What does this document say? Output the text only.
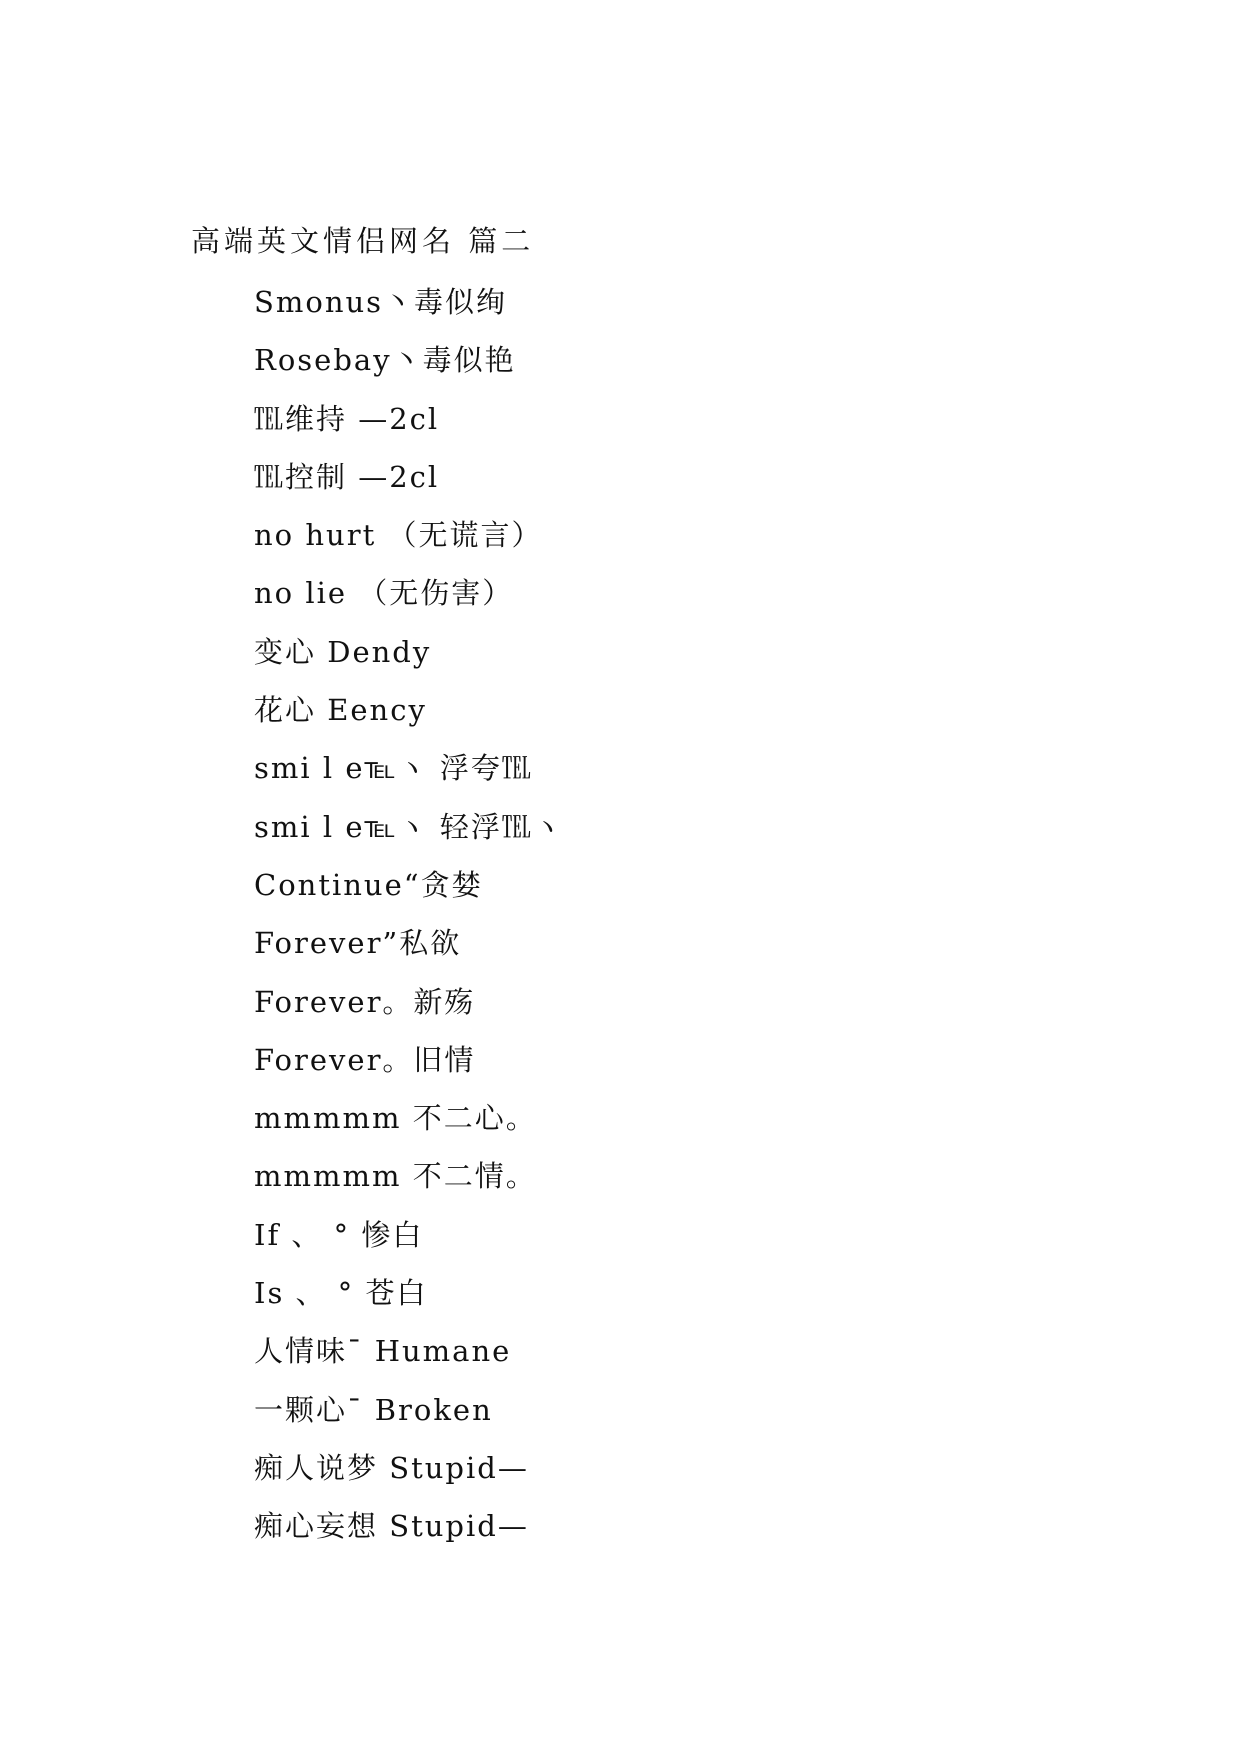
高端英文情侣网名 篇二
Smonus丶毒似绚
Rosebay丶毒似艳
℡维持 —2cl
℡控制 —2cl
no hurt （无谎言）
no lie （无伤害）
变心 Dendy
花心 Eency
smi l e℡ヽ 浮夸℡
smi l e℡ヽ 轻浮℡ヽ
Continue“贪婪
Forever”私欲
Forever。新殇
Forever。旧情
mmmmm 不二心。
mmmmm 不二情。
If 、 ° 惨白
Is 、 ° 苍白
人情味¯ Humane
一颗心¯ Broken
痴人说梦 Stupid—
痴心妄想 Stupid—
